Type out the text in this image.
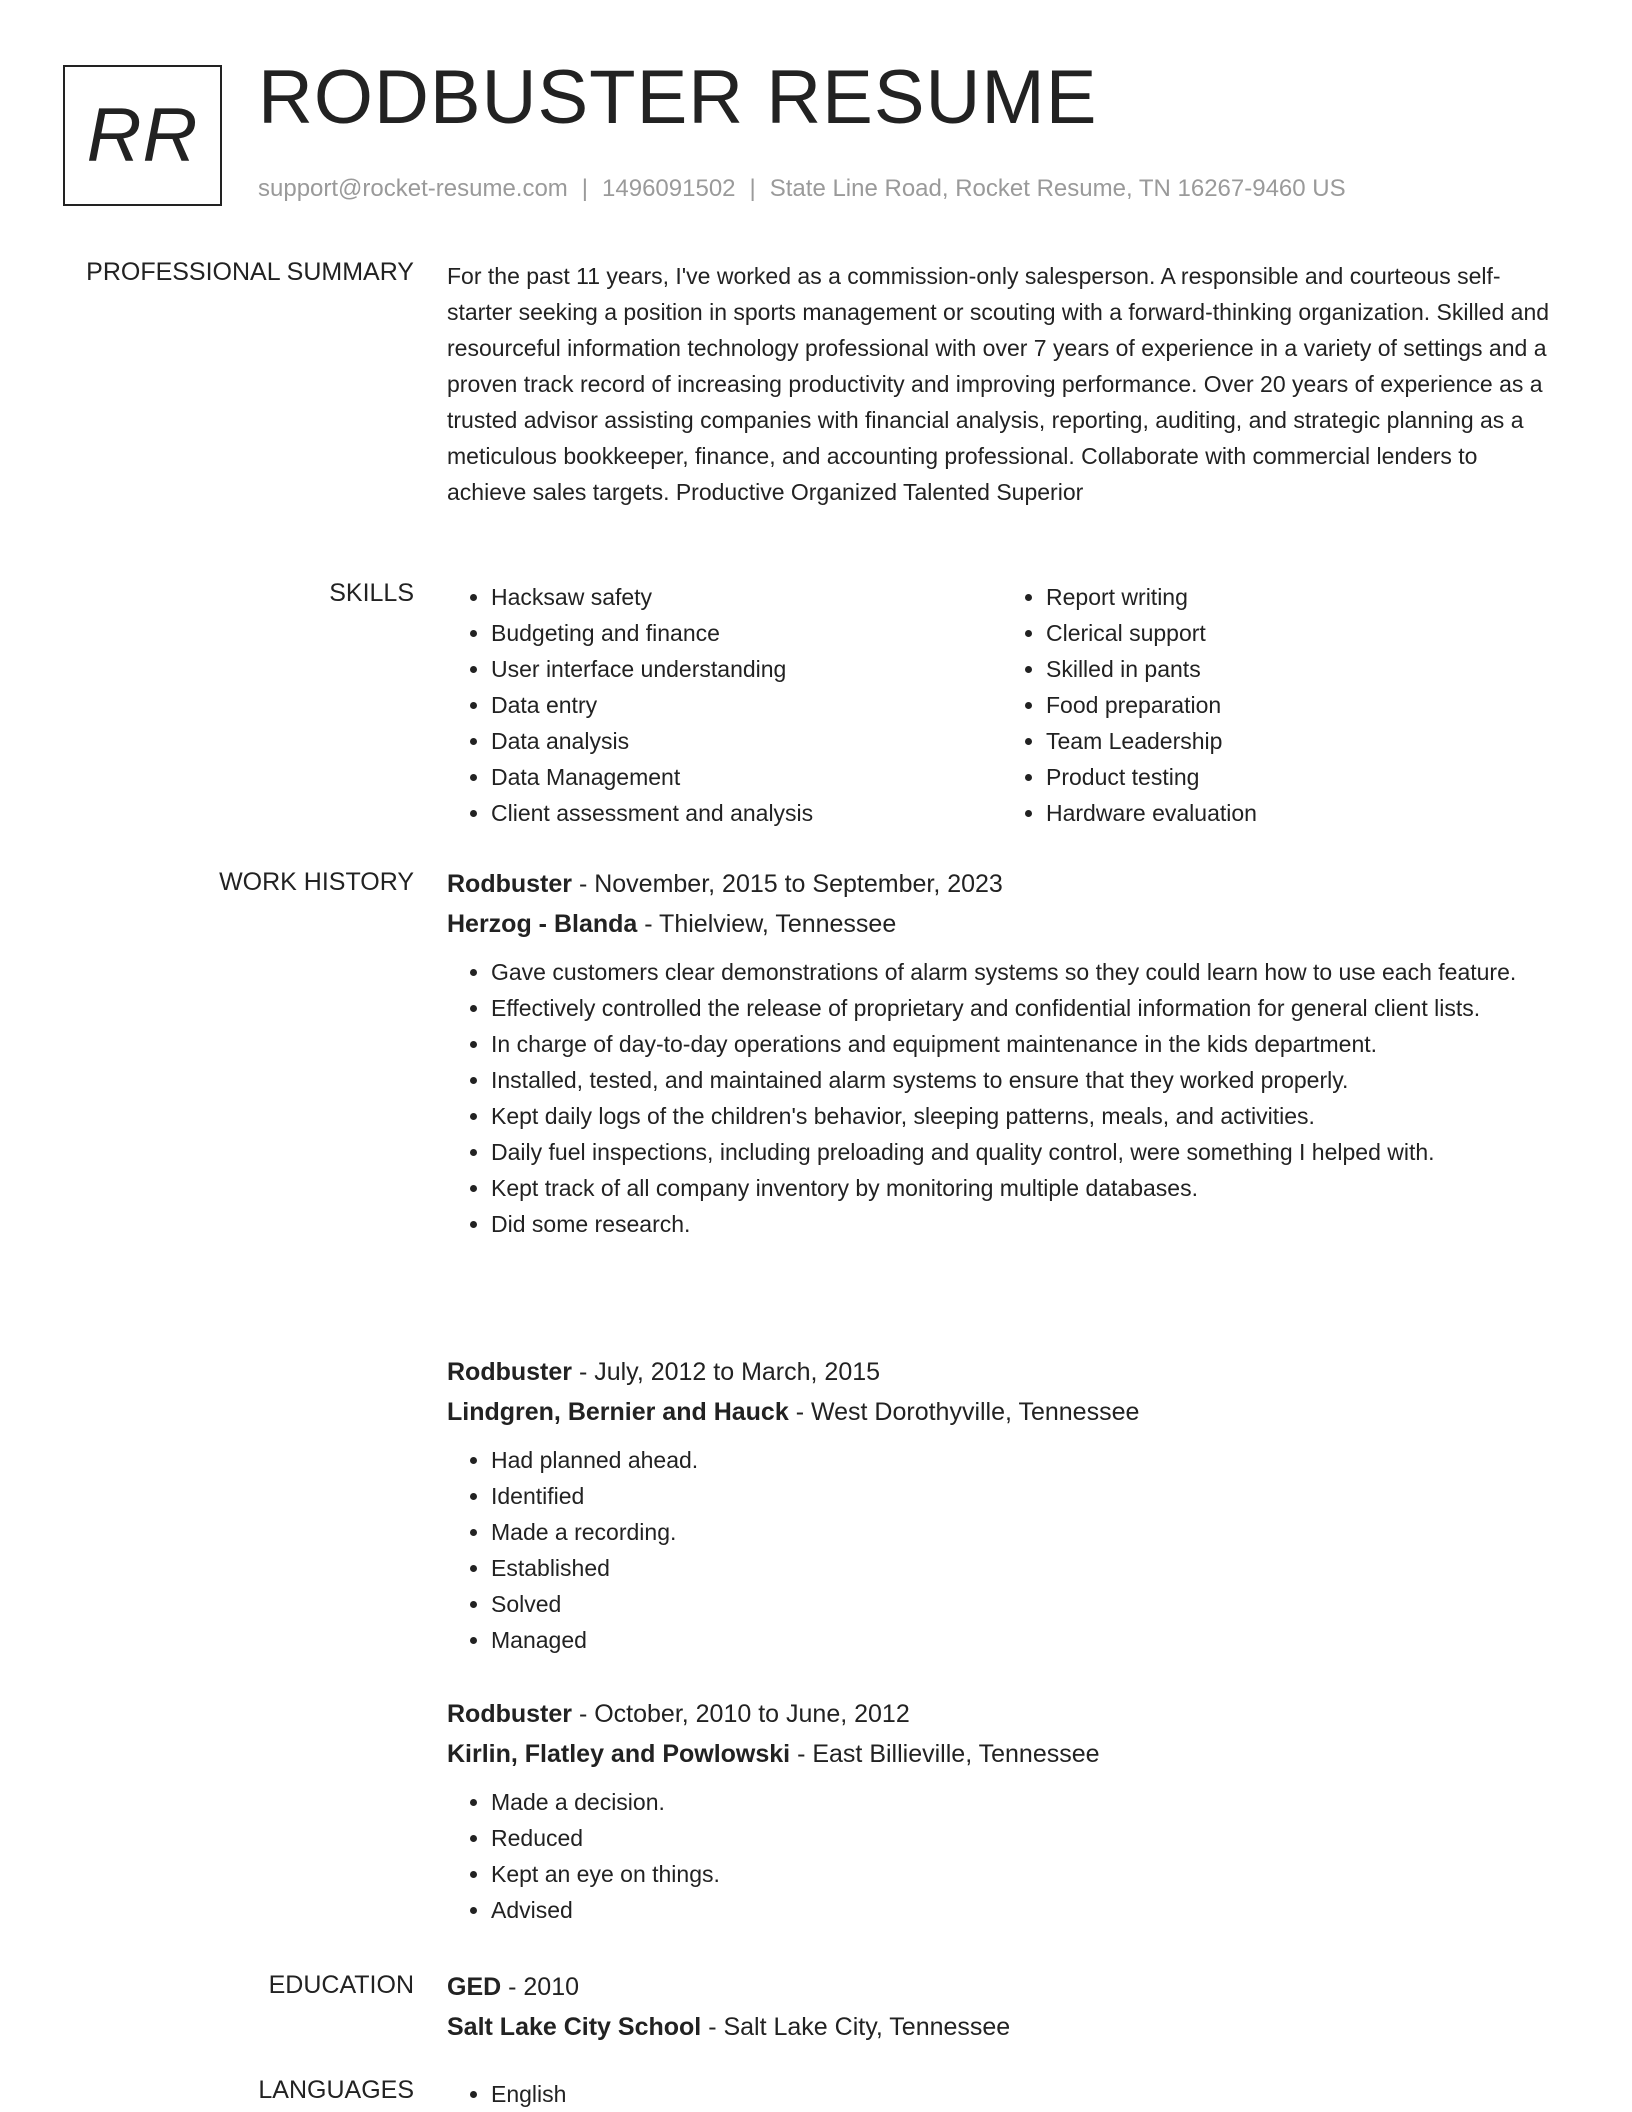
RR RODBUSTER RESUME
support@rocket-resume.com | 1496091502 | State Line Road, Rocket Resume, TN 16267-9460 US
PROFESSIONAL SUMMARY For the past 11 years, I've worked as a commission-only salesperson. A responsible and courteous self-starter seeking a position in sports management or scouting with a forward-thinking organization. Skilled and resourceful information technology professional with over 7 years of experience in a variety of settings and a proven track record of increasing productivity and improving performance. Over 20 years of experience as a trusted advisor assisting companies with financial analysis, reporting, auditing, and strategic planning as a meticulous bookkeeper, finance, and accounting professional. Collaborate with commercial lenders to achieve sales targets. Productive Organized Talented Superior
SKILLS	• Hacksaw safety
• Budgeting and finance
• User interface understanding
• Data entry
• Data analysis
• Data Management
• Client assessment and analysis
• Report writing
• Clerical support
• Skilled in pants
• Food preparation
• Team Leadership
• Product testing
• Hardware evaluation
WORK HISTORY Rodbuster - November, 2015 to September, 2023
Herzog - Blanda - Thielview, Tennessee
• Gave customers clear demonstrations of alarm systems so they could learn how to use each feature.
• Effectively controlled the release of proprietary and confidential information for general client lists.
• In charge of day-to-day operations and equipment maintenance in the kids department.
• Installed, tested, and maintained alarm systems to ensure that they worked properly.
• Kept daily logs of the children's behavior, sleeping patterns, meals, and activities.
• Daily fuel inspections, including preloading and quality control, were something I helped with.
• Kept track of all company inventory by monitoring multiple databases.
• Did some research.
Rodbuster - July, 2012 to March, 2015
Lindgren, Bernier and Hauck - West Dorothyville, Tennessee
• Had planned ahead.
• Identified
• Made a recording.
• Established
• Solved
• Managed
Rodbuster - October, 2010 to June, 2012
Kirlin, Flatley and Powlowski - East Billieville, Tennessee
• Made a decision.
• Reduced
• Kept an eye on things.
• Advised
EDUCATION GED - 2010
Salt Lake City School - Salt Lake City, Tennessee
LANGUAGES	• English
